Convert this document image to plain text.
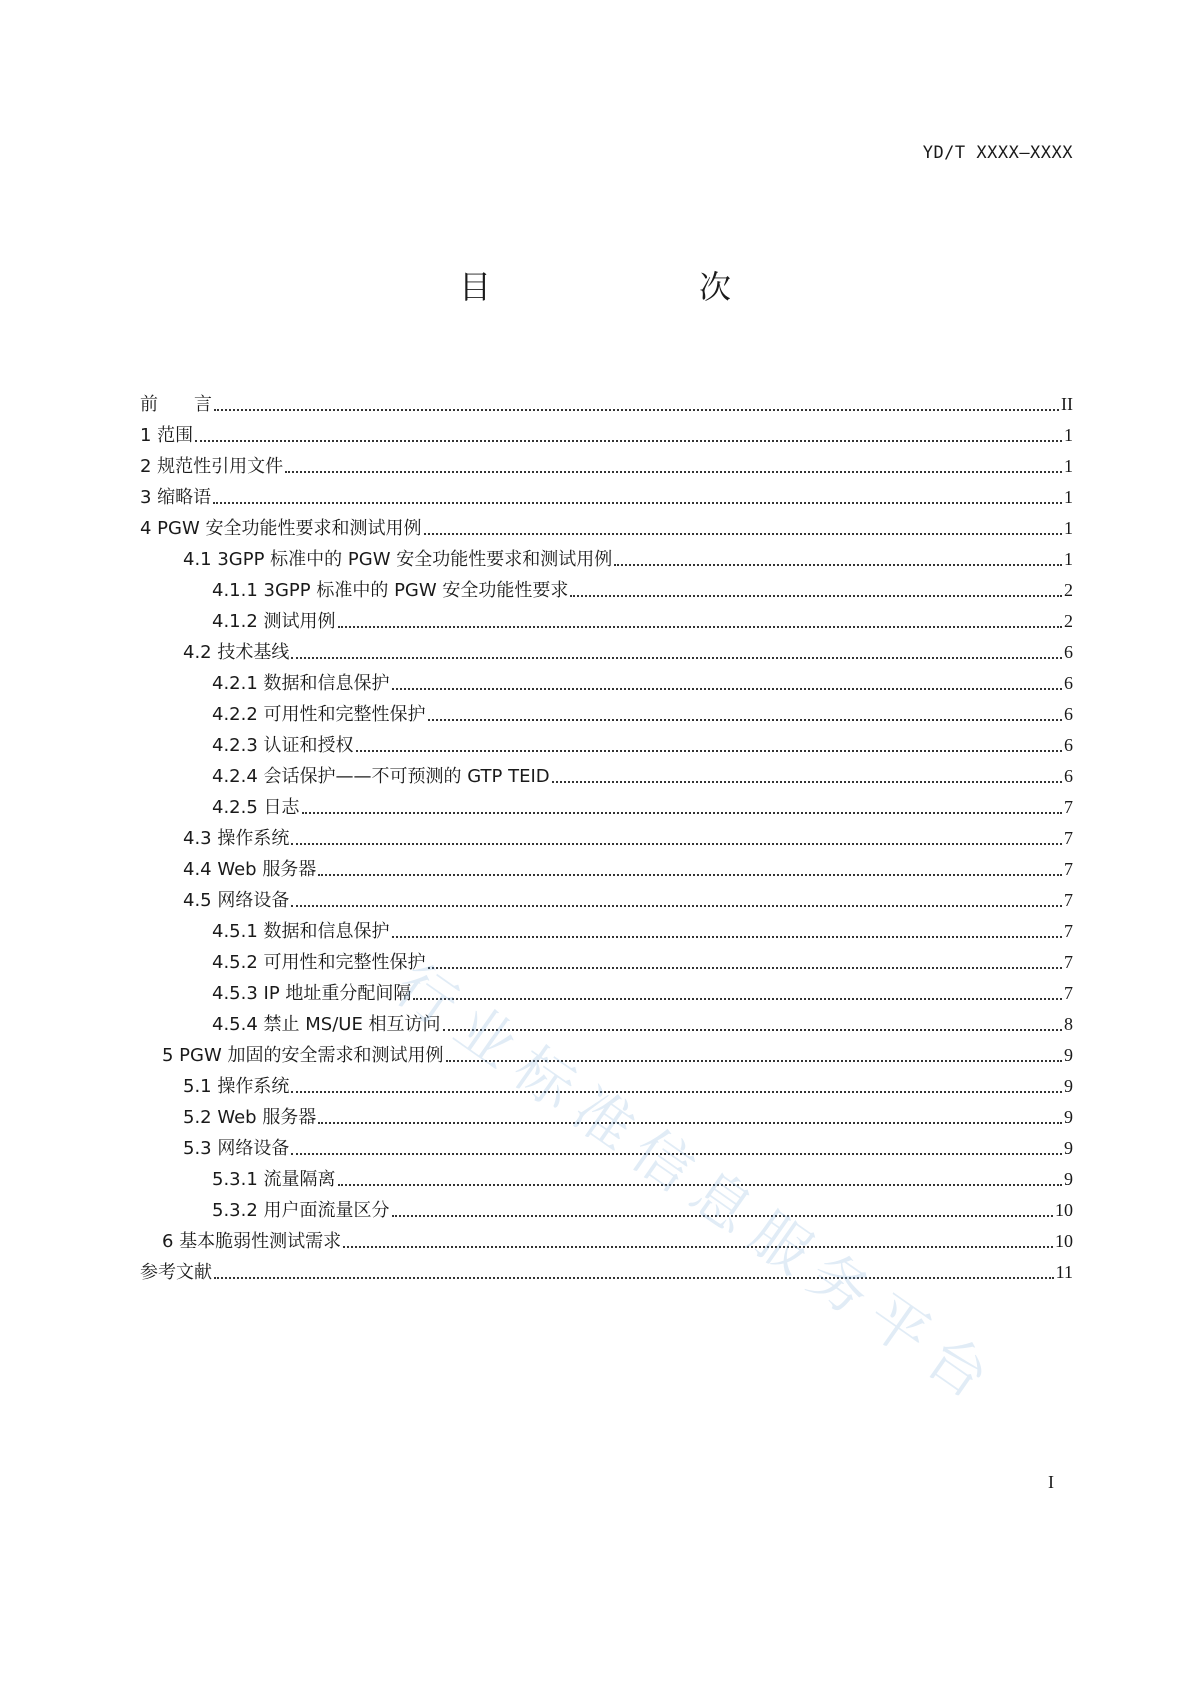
YD/T XXXX—XXXX
目　　次
前　　言	II
1 范围	1
2 规范性引用文件	1
3 缩略语	1
4 PGW 安全功能性要求和测试用例	1
4.1 3GPP 标准中的 PGW 安全功能性要求和测试用例	1
4.1.1 3GPP 标准中的 PGW 安全功能性要求	2
4.1.2 测试用例	2
4.2 技术基线	6
4.2.1 数据和信息保护	6
4.2.2 可用性和完整性保护	6
4.2.3 认证和授权	6
4.2.4 会话保护——不可预测的 GTP TEID	6
4.2.5 日志	7
4.3 操作系统	7
4.4 Web 服务器	7
4.5 网络设备	7
4.5.1 数据和信息保护	7
4.5.2 可用性和完整性保护	7
4.5.3 IP 地址重分配间隔	7
4.5.4 禁止 MS/UE 相互访问	8
5 PGW 加固的安全需求和测试用例	9
5.1 操作系统	9
5.2 Web 服务器	9
5.3 网络设备	9
5.3.1 流量隔离	9
5.3.2 用户面流量区分	10
6 基本脆弱性测试需求	10
参考文献	11
I
行业标准信息服务平台
